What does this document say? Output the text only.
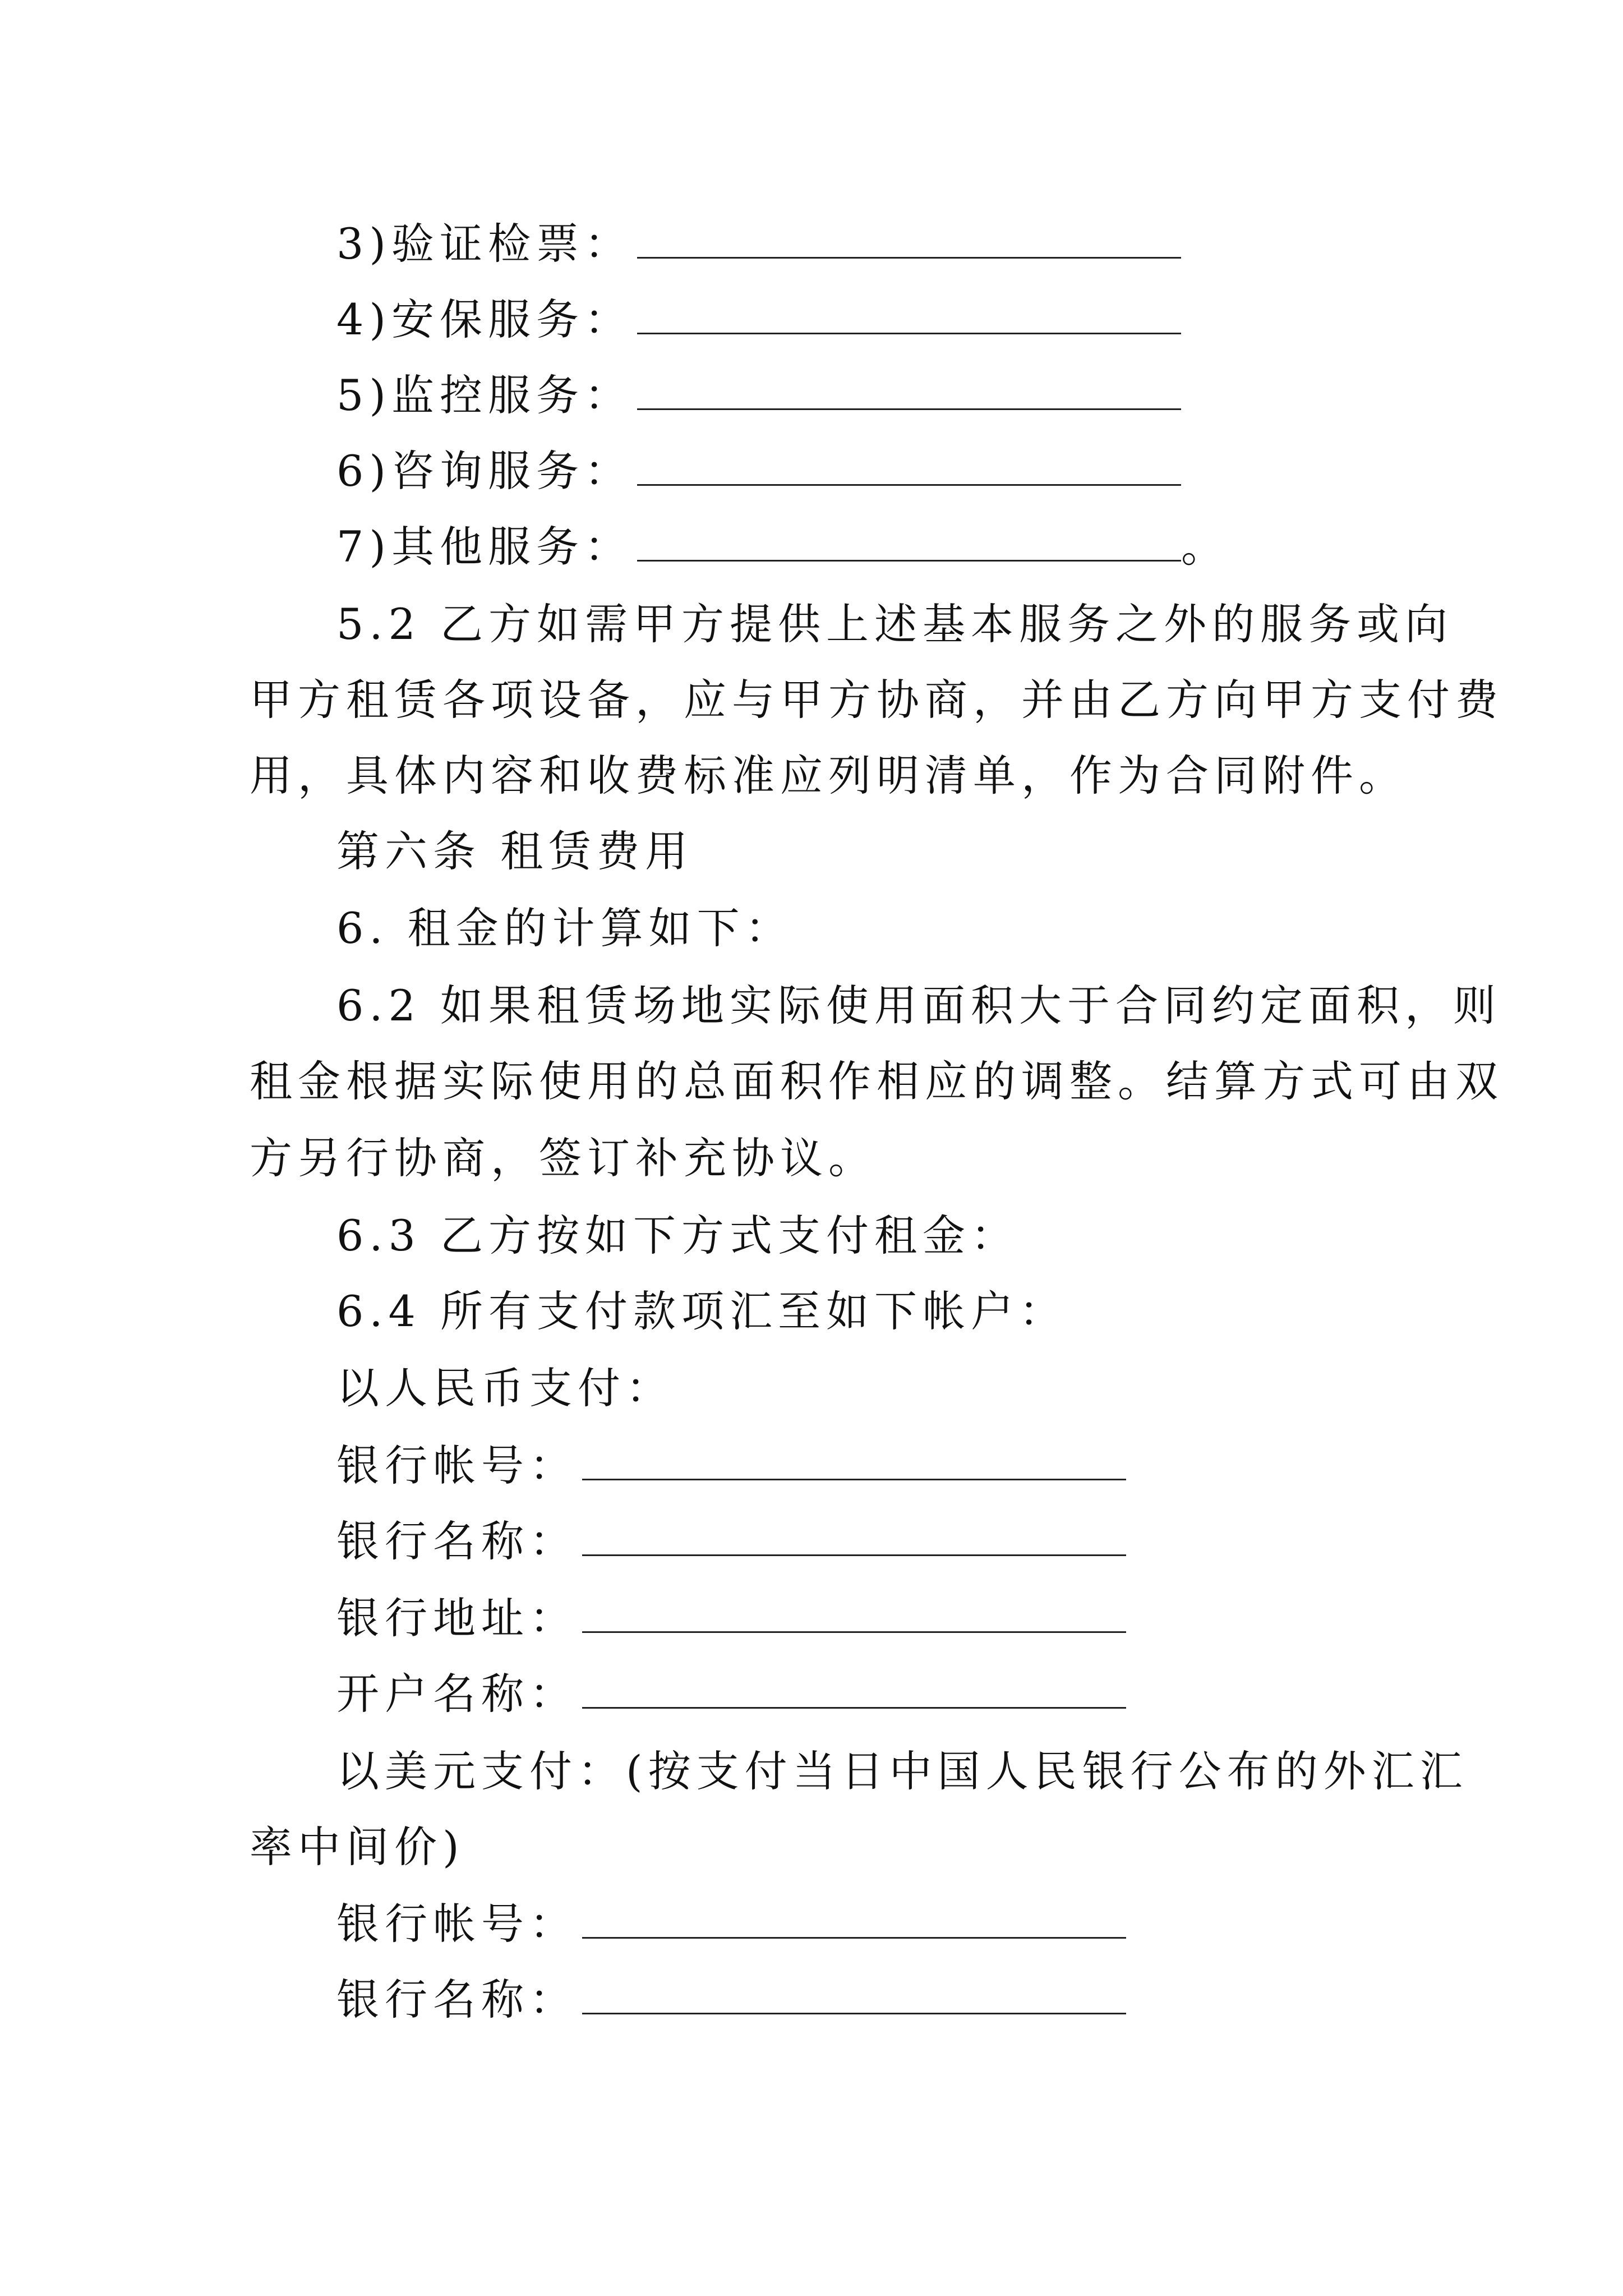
3)验证检票：
4)安保服务：
5)监控服务：
6)咨询服务：
7)其他服务：	。
5.2 乙方如需甲方提供上述基本服务之外的服务或向
甲方租赁各项设备，应与甲方协商，并由乙方向甲方支付费
用，具体内容和收费标准应列明清单，作为合同附件。
第六条 租赁费用
6. 租金的计算如下：
6.2 如果租赁场地实际使用面积大于合同约定面积，则
租金根据实际使用的总面积作相应的调整。结算方式可由双
方另行协商，签订补充协议。
6.3 乙方按如下方式支付租金：
6.4 所有支付款项汇至如下帐户：
以人民币支付：
银行帐号：
银行名称：
银行地址：
开户名称：
以美元支付：(按支付当日中国人民银行公布的外汇汇
率中间价)
银行帐号：
银行名称：
